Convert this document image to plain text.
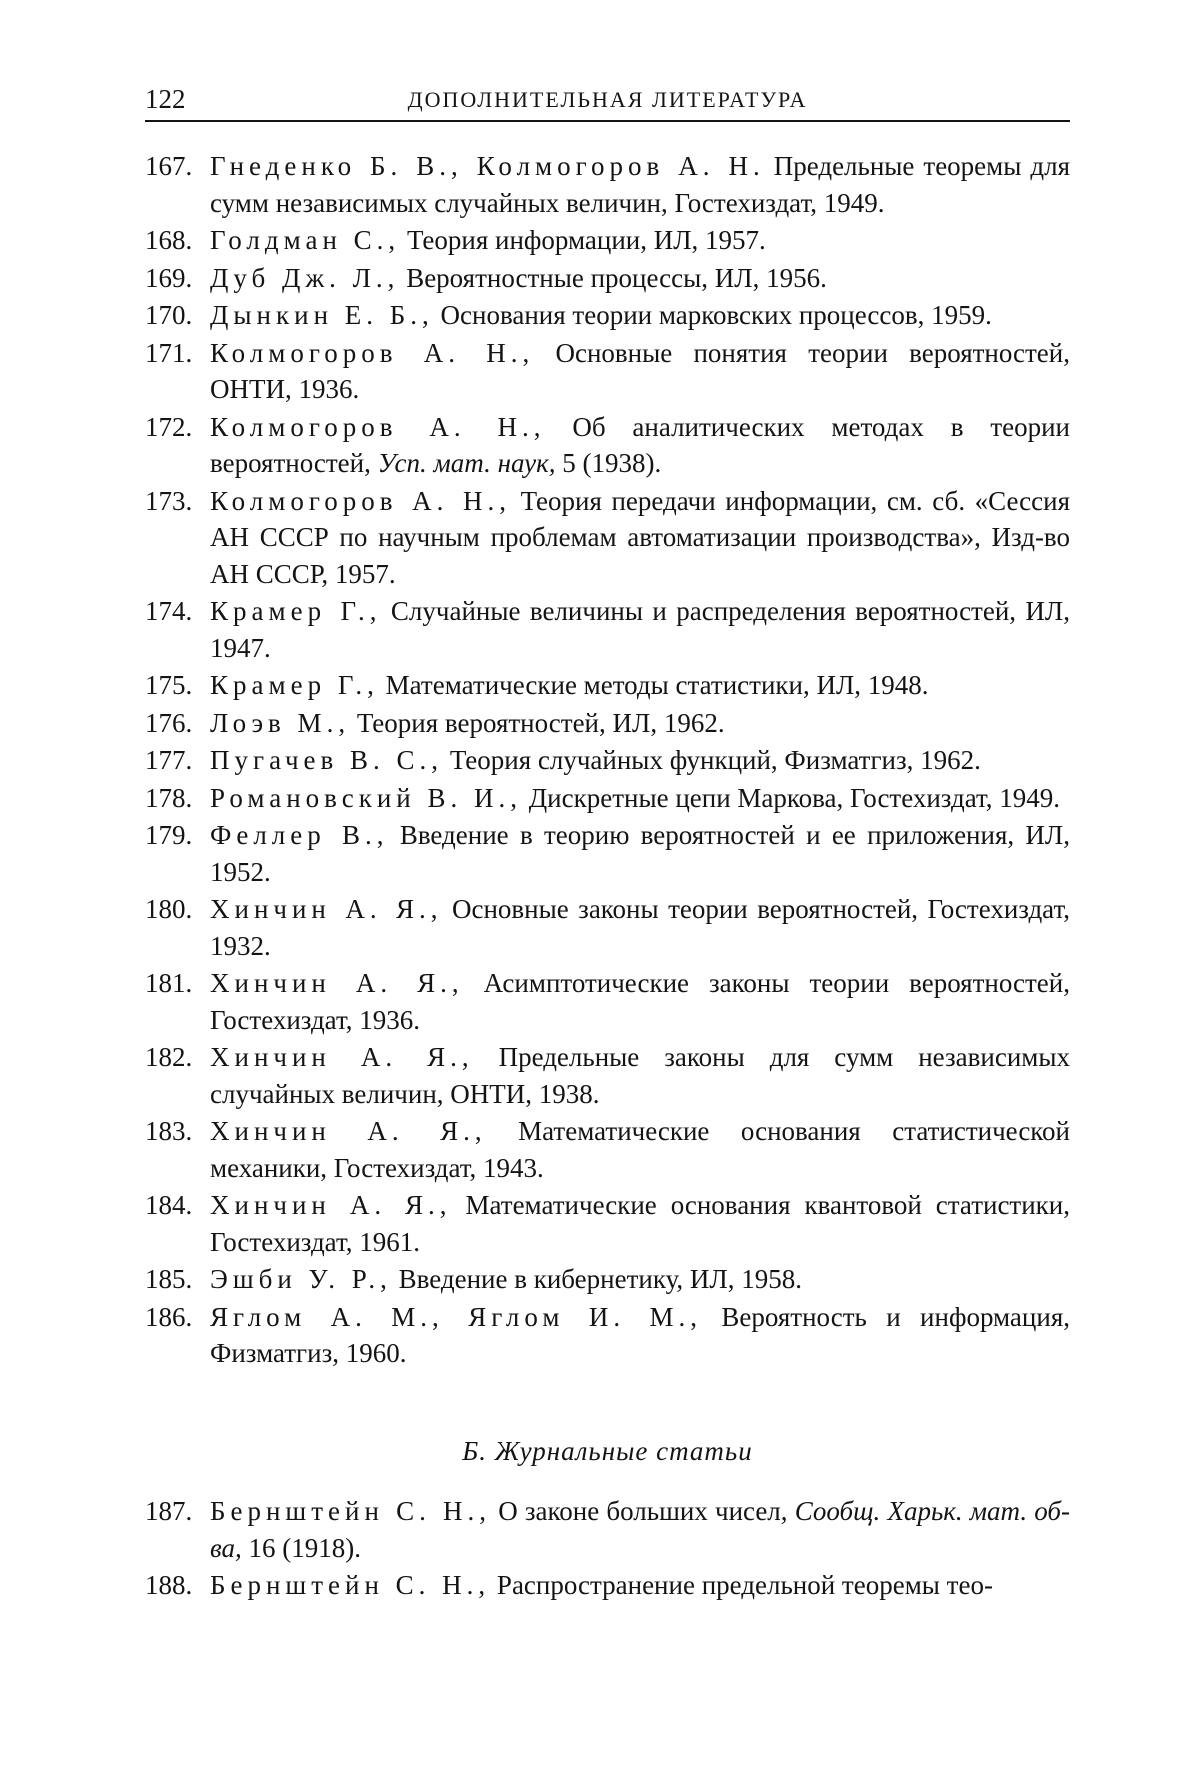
122	ДОПОЛНИТЕЛЬНАЯ ЛИТЕРАТУРА
167. Гнеденко Б. В., Колмогоров А. Н. Предельные теоремы для сумм независимых случайных величин, Гостехиздат, 1949.
168. Голдман С., Теория информации, ИЛ, 1957.
169. Дуб Дж. Л., Вероятностные процессы, ИЛ, 1956.
170. Дынкин Е. Б., Основания теории марковских процессов, 1959.
171. Колмогоров А. Н., Основные понятия теории вероятностей, ОНТИ, 1936.
172. Колмогоров А. Н., Об аналитических методах в теории вероятностей, Усп. мат. наук, 5 (1938).
173. Колмогоров А. Н., Теория передачи информации, см. сб. «Сессия АН СССР по научным проблемам автоматизации производства», Изд-во АН СССР, 1957.
174. Крамер Г., Случайные величины и распределения вероятностей, ИЛ, 1947.
175. Крамер Г., Математические методы статистики, ИЛ, 1948.
176. Лоэв М., Теория вероятностей, ИЛ, 1962.
177. Пугачев В. С., Теория случайных функций, Физматгиз, 1962.
178. Романовский В. И., Дискретные цепи Маркова, Гостехиздат, 1949.
179. Феллер В., Введение в теорию вероятностей и ее приложения, ИЛ, 1952.
180. Хинчин А. Я., Основные законы теории вероятностей, Гостехиздат, 1932.
181. Хинчин А. Я., Асимптотические законы теории вероятностей, Гостехиздат, 1936.
182. Хинчин А. Я., Предельные законы для сумм независимых случайных величин, ОНТИ, 1938.
183. Хинчин А. Я., Математические основания статистической механики, Гостехиздат, 1943.
184. Хинчин А. Я., Математические основания квантовой статистики, Гостехиздат, 1961.
185. Эшби У. Р., Введение в кибернетику, ИЛ, 1958.
186. Яглом А. М., Яглом И. М., Вероятность и информация, Физматгиз, 1960.
Б. Журнальные статьи
187. Бернштейн С. Н., О законе больших чисел, Сообщ. Харьк. мат. об-ва, 16 (1918).
188. Бернштейн С. Н., Распространение предельной теоремы тео-
